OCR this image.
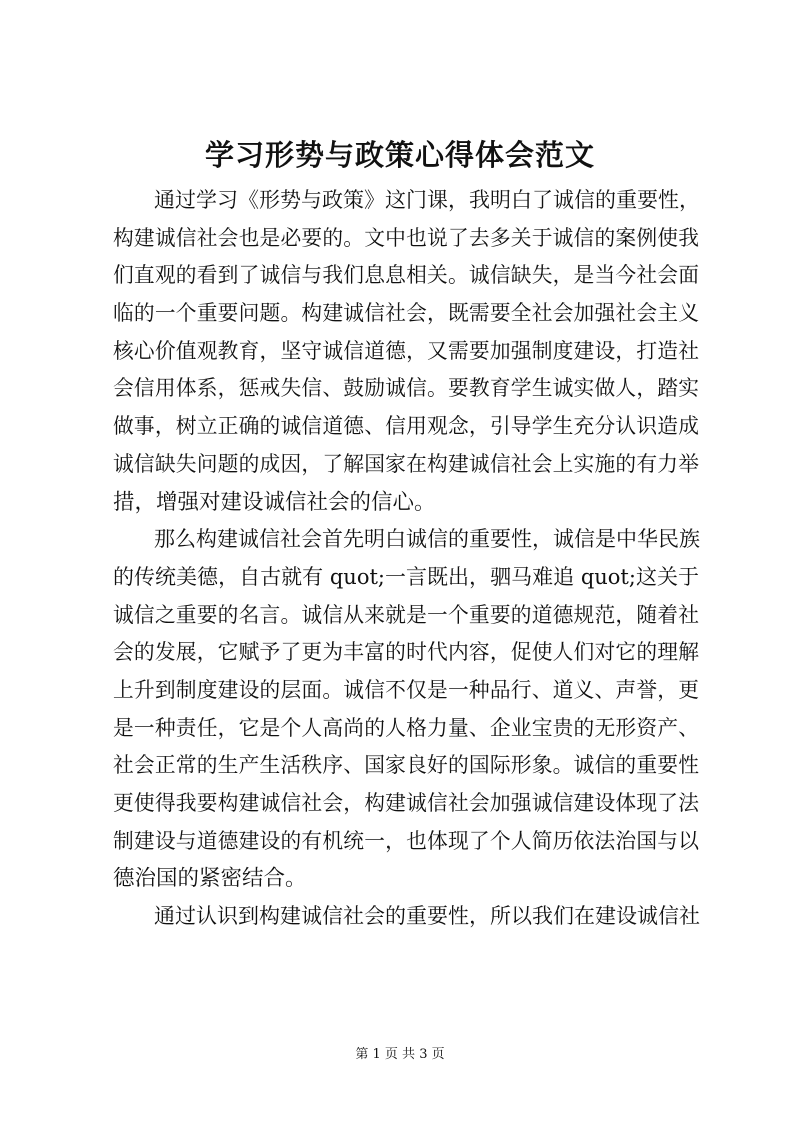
学习形势与政策心得体会范文
通过学习《形势与政策》这门课，我明白了诚信的重要性，
构建诚信社会也是必要的。文中也说了去多关于诚信的案例使我
们直观的看到了诚信与我们息息相关。诚信缺失，是当今社会面
临的一个重要问题。构建诚信社会，既需要全社会加强社会主义
核心价值观教育，坚守诚信道德，又需要加强制度建设，打造社
会信用体系，惩戒失信、鼓励诚信。要教育学生诚实做人，踏实
做事，树立正确的诚信道德、信用观念，引导学生充分认识造成
诚信缺失问题的成因，了解国家在构建诚信社会上实施的有力举
措，增强对建设诚信社会的信心。
那么构建诚信社会首先明白诚信的重要性，诚信是中华民族
的传统美德，自古就有 quot;一言既出，驷马难追 quot;这关于
诚信之重要的名言。诚信从来就是一个重要的道德规范，随着社
会的发展，它赋予了更为丰富的时代内容，促使人们对它的理解
上升到制度建设的层面。诚信不仅是一种品行、道义、声誉，更
是一种责任，它是个人高尚的人格力量、企业宝贵的无形资产、
社会正常的生产生活秩序、国家良好的国际形象。诚信的重要性
更使得我要构建诚信社会，构建诚信社会加强诚信建设体现了法
制建设与道德建设的有机统一，也体现了个人简历依法治国与以
德治国的紧密结合。
通过认识到构建诚信社会的重要性，所以我们在建设诚信社
第 1 页 共 3 页
